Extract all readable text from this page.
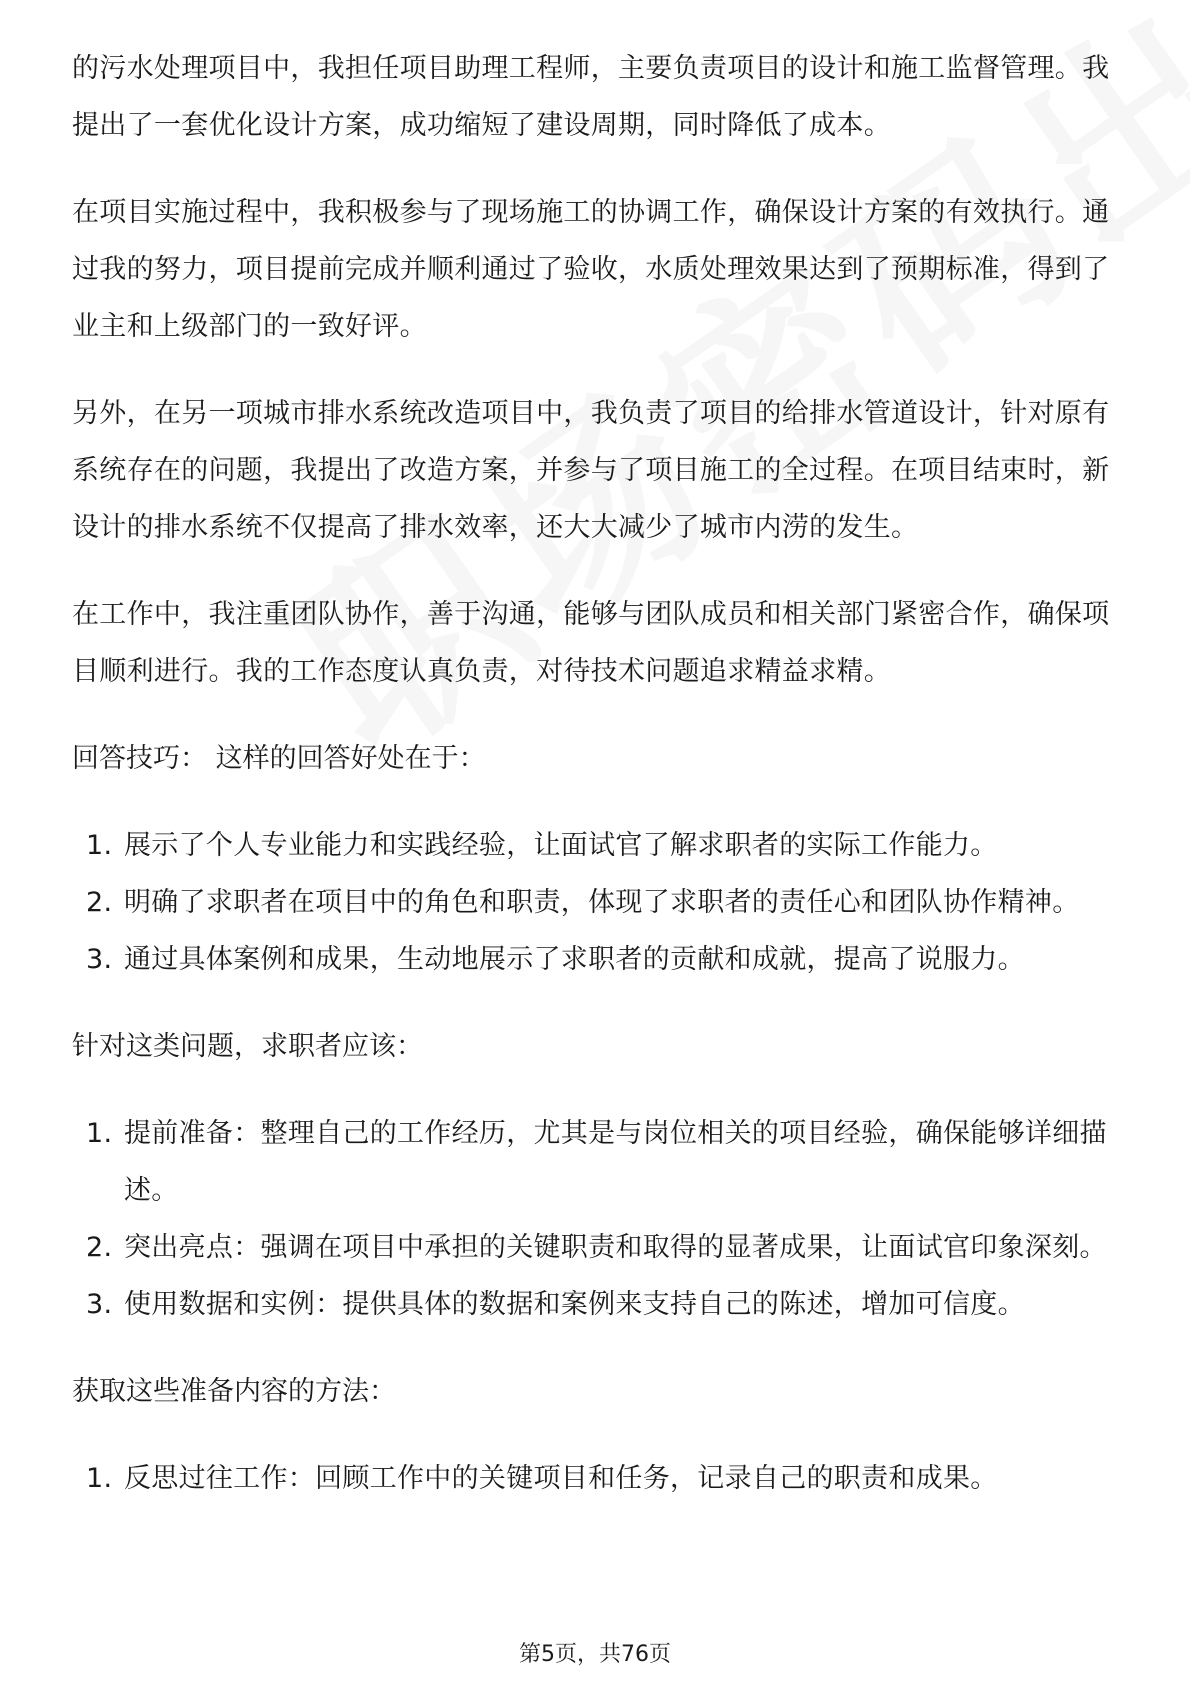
的污水处理项目中，我担任项目助理工程师，主要负责项目的设计和施工监督管理。我提出了一套优化设计方案，成功缩短了建设周期，同时降低了成本。

在项目实施过程中，我积极参与了现场施工的协调工作，确保设计方案的有效执行。通过我的努力，项目提前完成并顺利通过了验收，水质处理效果达到了预期标准，得到了业主和上级部门的一致好评。

另外，在另一项城市排水系统改造项目中，我负责了项目的给排水管道设计，针对原有系统存在的问题，我提出了改造方案，并参与了项目施工的全过程。在项目结束时，新设计的排水系统不仅提高了排水效率，还大大减少了城市内涝的发生。

在工作中，我注重团队协作，善于沟通，能够与团队成员和相关部门紧密合作，确保项目顺利进行。我的工作态度认真负责，对待技术问题追求精益求精。

回答技巧： 这样的回答好处在于：

1. 展示了个人专业能力和实践经验，让面试官了解求职者的实际工作能力。
2. 明确了求职者在项目中的角色和职责，体现了求职者的责任心和团队协作精神。
3. 通过具体案例和成果，生动地展示了求职者的贡献和成就，提高了说服力。

针对这类问题，求职者应该：

1. 提前准备：整理自己的工作经历，尤其是与岗位相关的项目经验，确保能够详细描述。
2. 突出亮点：强调在项目中承担的关键职责和取得的显著成果，让面试官印象深刻。
3. 使用数据和实例：提供具体的数据和案例来支持自己的陈述，增加可信度。

获取这些准备内容的方法：

1. 反思过往工作：回顾工作中的关键项目和任务，记录自己的职责和成果。
第5页，共76页
